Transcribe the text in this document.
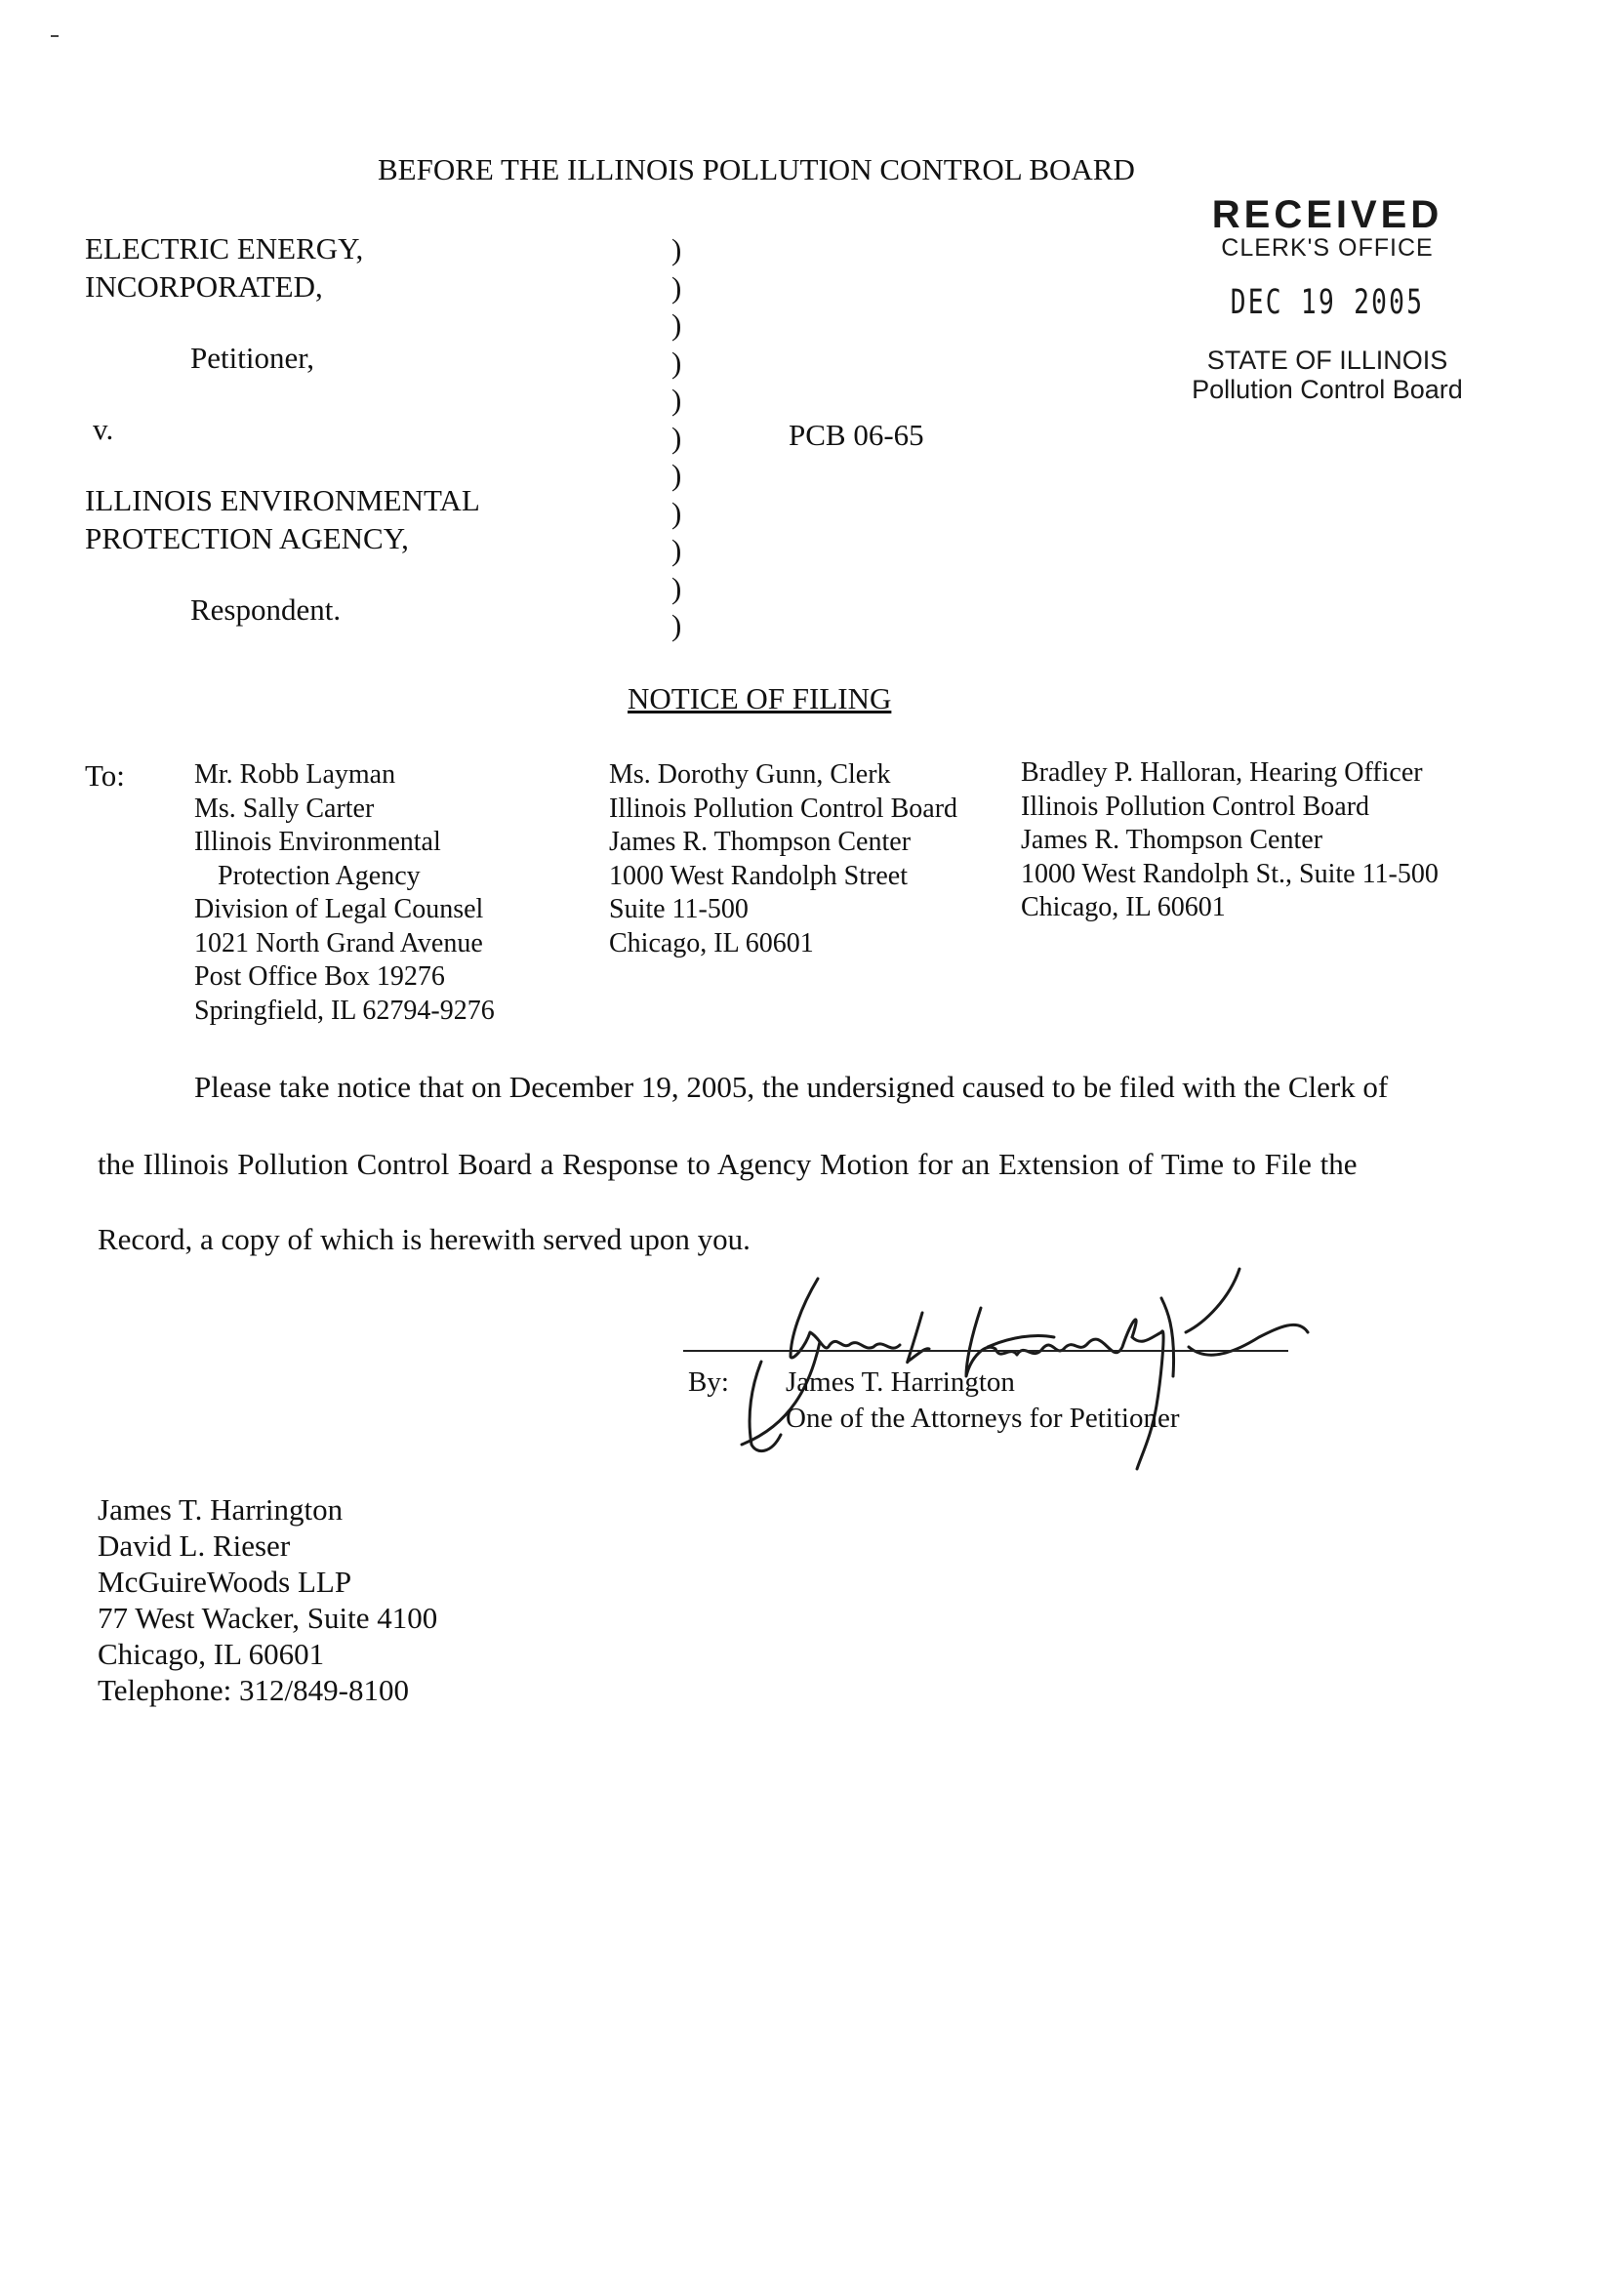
BEFORE THE ILLINOIS POLLUTION CONTROL BOARD
RECEIVED
CLERK'S OFFICE
DEC 19 2005
STATE OF ILLINOIS
Pollution Control Board
ELECTRIC ENERGY,
INCORPORATED,
Petitioner,
v.
ILLINOIS ENVIRONMENTAL
PROTECTION AGENCY,
Respondent.
)
)
)
)
)
)
)
)
)
)
)
PCB 06-65
NOTICE OF FILING
To:	Mr. Robb Layman
Ms. Sally Carter
Illinois Environmental
Protection Agency
Division of Legal Counsel
1021 North Grand Avenue
Post Office Box 19276
Springfield, IL 62794-9276
Ms. Dorothy Gunn, Clerk
Illinois Pollution Control Board
James R. Thompson Center
1000 West Randolph Street
Suite 11-500
Chicago, IL 60601
Bradley P. Halloran, Hearing Officer
Illinois Pollution Control Board
James R. Thompson Center
1000 West Randolph St., Suite 11-500
Chicago, IL 60601
Please take notice that on December 19, 2005, the undersigned caused to be filed with the Clerk of
the Illinois Pollution Control Board a Response to Agency Motion for an Extension of Time to File the
Record, a copy of which is herewith served upon you.
By: James T. Harrington
One of the Attorneys for Petitioner
James T. Harrington
David L. Rieser
McGuireWoods LLP
77 West Wacker, Suite 4100
Chicago, IL 60601
Telephone: 312/849-8100
